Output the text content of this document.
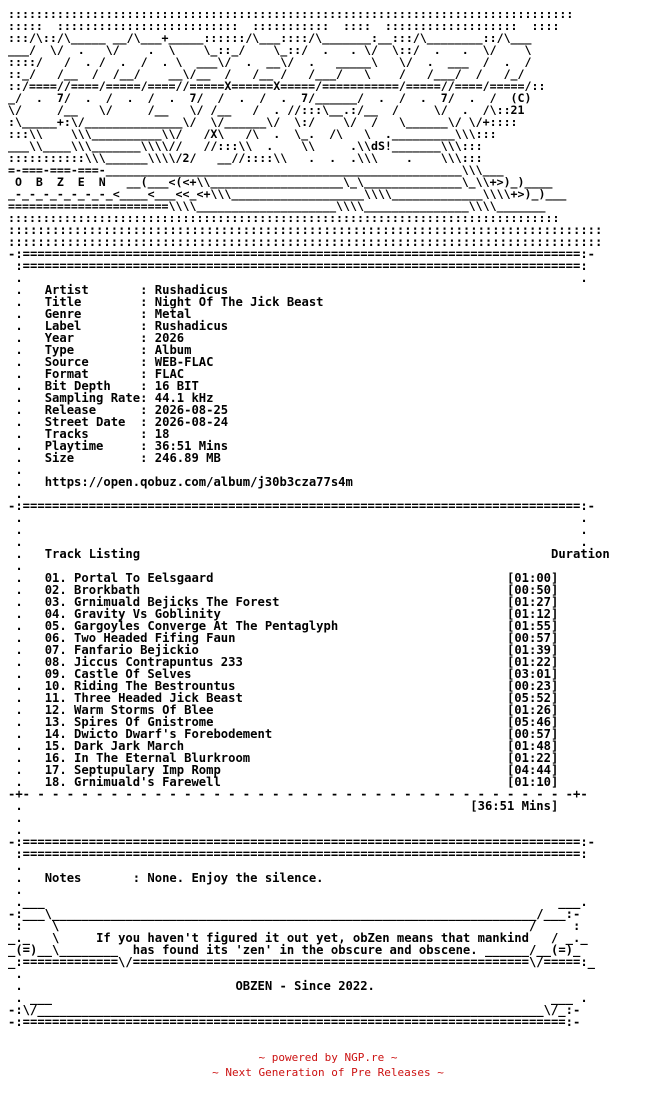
:::::::::::::::::::::::::::::::::::::::::::::::::::::::::::::::::::::::::::::::::
:::::  ::::::::::::::::::::::::::  :::::::::::  ::::  :::::::::::::::::::  ::::
:::/\::/\_____ __/\___+_____::::::/\___::::/\_______:__:::/\________::/\___
___/  \/  .   \/    .  \    \_::_/    \_::/  .   . \/  \::/  .   .  \/    \
::::/   /  . /  .  /  . \  ___\/  .  __\/  .   _____\   \/  .  ___  /  .  /
::_/   /__  /  /__/    __\/__  /   /__ /   /___/   \    /   /___/  /   /_/
::/====//====/=====/====//=====X======X=====/===========/=====//====/=====/::
_/  .  7/  .  /  .  /  .  7/  /  .  /  .  7/______/  .  /  .  7/  .  /  (C)
\/     /__   \/     /__   \/ /__   /  . //:::\__.:/__  /     \/  .  /\::21
:\_____+:\/______________\/  \/______\/  \:/    \/  /   \______\/ \/+::::
:::\\    \\\__________\\/   /X\   /\  .  \_.  /\   \  ._________\\\:::
___\\____\\\_______\\\\//   //:::\\  .    \\     .\\dS!_______\\\:::
:::::::::::\\\______\\\\/2/   __//::::\\   .  .  .\\\    .    \\\:::
=-===-===-===-___________________________________________________\\\___
O  B  Z  E  N   __(___<(<+\\___________________\_\______________\_\\+>)_)____
_-_-_-_-_-_-_-_<____<___<<_<+\\\___________________\\\\_____________\\\\+>)_)___
=======================\\\\____________________\\\\_______________\\\\_______
:::::::::::::::::::::::::::::::::::::::::::::::::::::::::::::::::::::::::::::::
:::::::::::::::::::::::::::::::::::::::::::::::::::::::::::::::::::::::::::::::::
:::::::::::::::::::::::::::::::::::::::::::::::::::::::::::::::::::::::::::::::::
-:============================================================================:-
:============================================================================:
.                                                                            .
.   Artist       : Rushadicus
.   Title        : Night Of The Jick Beast
.   Genre        : Metal
.   Label        : Rushadicus
.   Year         : 2026
.   Type         : Album
.   Source       : WEB-FLAC
.   Format       : FLAC
.   Bit Depth    : 16 BIT
.   Sampling Rate: 44.1 kHz
.   Release      : 2026-08-25
.   Street Date  : 2026-08-24
.   Tracks       : 18
.   Playtime     : 36:51 Mins
.   Size         : 246.89 MB
.
.   https://open.qobuz.com/album/j30b3cza77s4m
.
-:============================================================================:-
.                                                                            .
.                                                                            .
.                                                                            .
.   Track Listing	Duration
.
.   01. Portal To Eelsgaard	[01:00]
.   02. Brorkbath	[00:50]
.   03. Grnimuald Bejicks The Forest	[01:27]
.   04. Gravity Vs Goblinity	[01:12]
.   05. Gargoyles Converge At The Pentaglyph	[01:55]
.   06. Two Headed Fifing Faun	[00:57]
.   07. Fanfario Bejickio	[01:39]
.   08. Jiccus Contrapuntus 233	[01:22]
.   09. Castle Of Selves	[03:01]
.   10. Riding The Bestrountus	[00:23]
.   11. Three Headed Jick Beast	[05:52]
.   12. Warm Storms Of Blee	[01:26]
.   13. Spires Of Gnistrome	[05:46]
.   14. Dwicto Dwarf's Forebodement	[00:57]
.   15. Dark Jark March	[01:48]
.   16. In The Eternal Blurkroom	[01:22]
.   17. Septupulary Imp Romp	[04:44]
.   18. Grnimuald's Farewell	[01:10]
-+- - - - - - - - - - - - - - - - - - - - - - - - - - - - - - - - - - - - - -+-
.	[36:51 Mins]
.
.
-:============================================================================:-
:============================================================================:
.
.   Notes       : None. Enjoy the silence.
.
.___                                                                      ___.
-:___\__________________________________________________________________/___:-
:    \                                                                /     :
_._   \	If you haven't figured it out yet, obZen means that mankind   / _._
_(=)__\________  has found its 'zen' in the obscure and obscene. ______/__(=)_
_:=============\/======================================================\/=====:_
.
.	OBZEN - Since 2022.
. ___                                                                    ___ .
-:\/_____________________________________________________________________\/_:-
-:==========================================================================:-
~ powered by NGP.re ~
~ Next Generation of Pre Releases ~
